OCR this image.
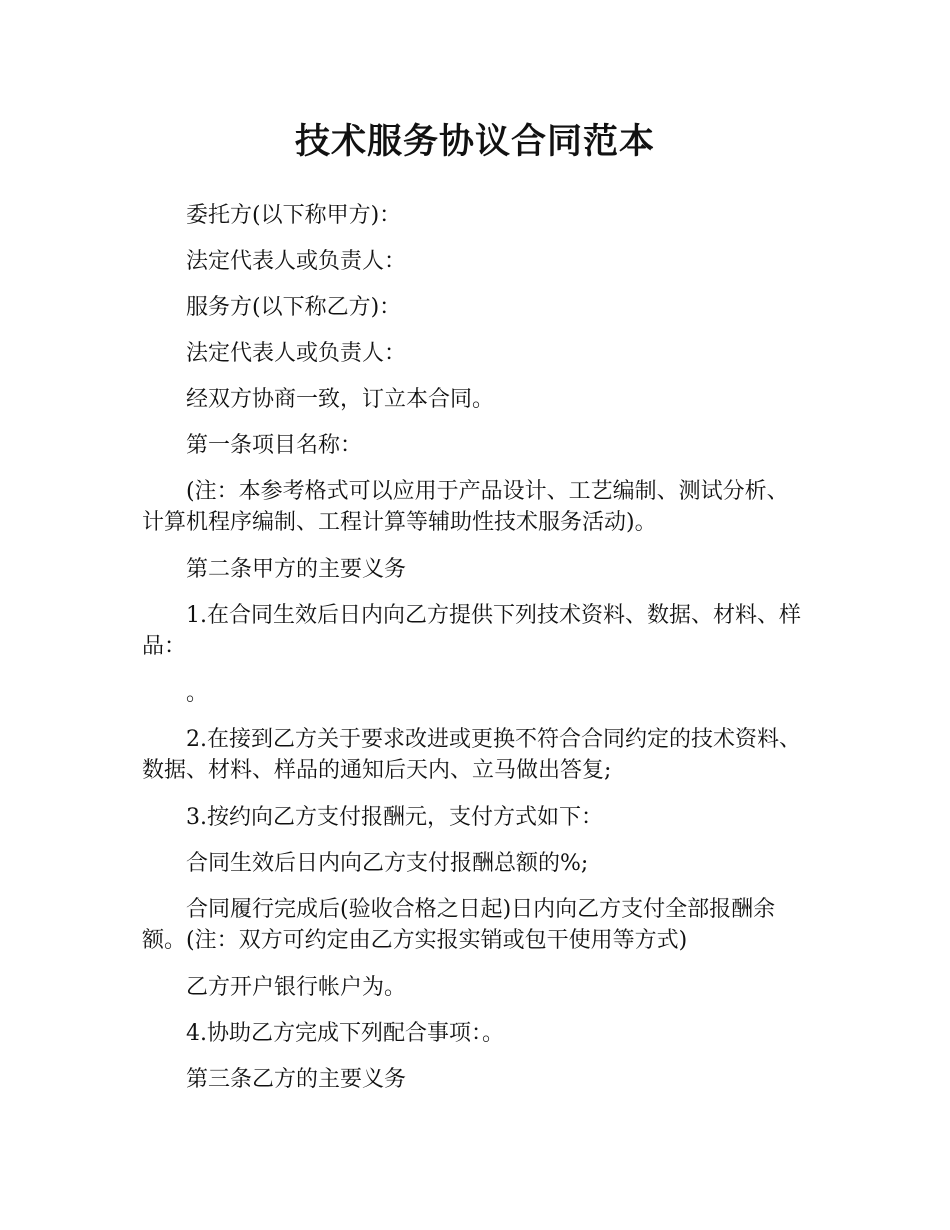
技术服务协议合同范本

委托方(以下称甲方)：

法定代表人或负责人：

服务方(以下称乙方)：

法定代表人或负责人：

经双方协商一致，订立本合同。

第一条项目名称：

(注：本参考格式可以应用于产品设计、工艺编制、测试分析、计算机程序编制、工程计算等辅助性技术服务活动)。

第二条甲方的主要义务

1.在合同生效后日内向乙方提供下列技术资料、数据、材料、样品：

。

2.在接到乙方关于要求改进或更换不符合合同约定的技术资料、数据、材料、样品的通知后天内、立马做出答复;

3.按约向乙方支付报酬元，支付方式如下：

合同生效后日内向乙方支付报酬总额的%;

合同履行完成后(验收合格之日起)日内向乙方支付全部报酬余额。(注：双方可约定由乙方实报实销或包干使用等方式)

乙方开户银行帐户为。

4.协助乙方完成下列配合事项：。

第三条乙方的主要义务
